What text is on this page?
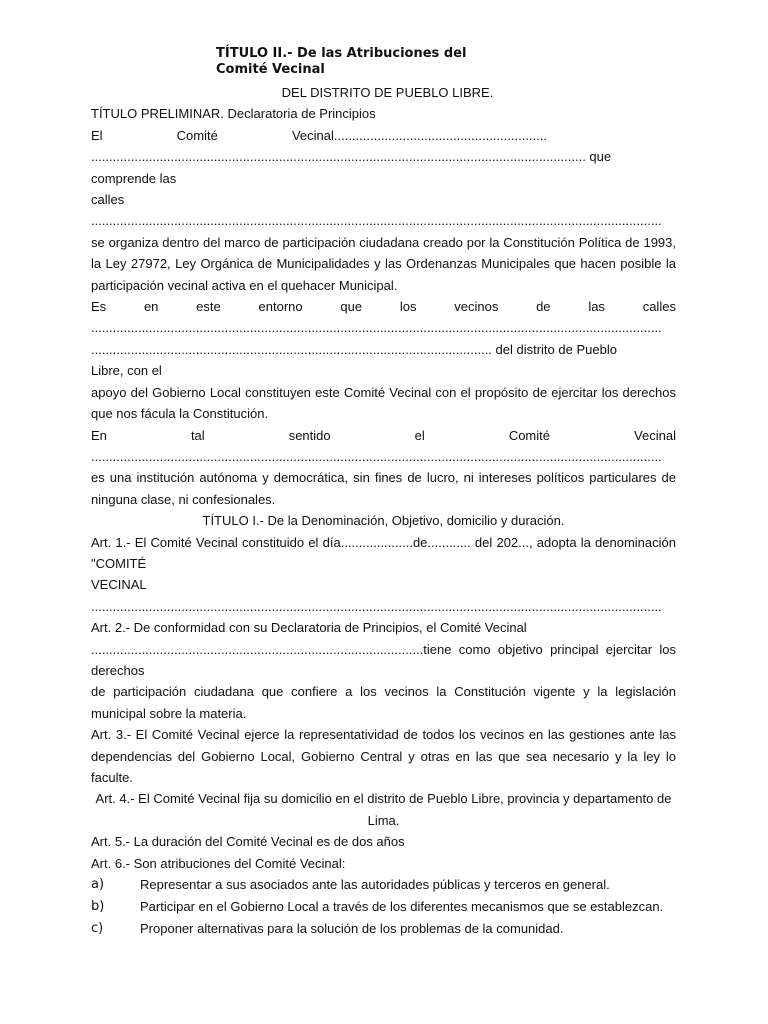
TÍTULO II.- De las Atribuciones del
Comité Vecinal
DEL DISTRITO DE PUEBLO LIBRE.
TÍTULO PRELIMINAR. Declaratoria de Principios
El	Comité	Vecinal...........................................................
......................................................................................................................................... que
comprende las
calles
..............................................................................................................................................................
se organiza dentro del marco de participación ciudadana creado por la Constitución Política de 1993, la Ley 27972, Ley Orgánica de Municipalidades y las Ordenanzas Municipales que hacen posible la participación vecinal activa en el quehacer Municipal.
Es	en	este	entorno	que	los	vecinos	de	las	calles
..............................................................................................................................................................
............................................................................................................... del distrito de Pueblo
Libre, con el
apoyo del Gobierno Local constituyen este Comité Vecinal con el propósito de ejercitar los derechos que nos fácula la Constitución.
En	tal	sentido	el	Comité	Vecinal
..............................................................................................................................................................
es una institución autónoma y democrática, sin fines de lucro, ni intereses políticos particulares de ninguna clase, ni confesionales.
TÍTULO I.- De la Denominación, Objetivo, domicilio y duración.
Art. 1.- El Comité Vecinal constituido el día....................de............ del 202..., adopta la denominación
"COMITÉ
VECINAL
..............................................................................................................................................................
Art. 2.- De conformidad con su Declaratoria de Principios, el Comité Vecinal
............................................................................................tiene como objetivo principal ejercitar los
derechos
de participación ciudadana que confiere a los vecinos la Constitución vigente y la legislación municipal sobre la materia.
Art. 3.- El Comité Vecinal ejerce la representatividad de todos los vecinos en las gestiones ante las dependencias del Gobierno Local, Gobierno Central y otras en las que sea necesario y la ley lo faculte.
Art. 4.- El Comité Vecinal fija su domicilio en el distrito de Pueblo Libre, provincia y departamento de Lima.
Art. 5.- La duración del Comité Vecinal es de dos años
Art. 6.- Son atribuciones del Comité Vecinal:
a)	Representar a sus asociados ante las autoridades públicas y terceros en general.
b)	Participar en el Gobierno Local a través de los diferentes mecanismos que se establezcan.
c)	Proponer alternativas para la solución de los problemas de la comunidad.
